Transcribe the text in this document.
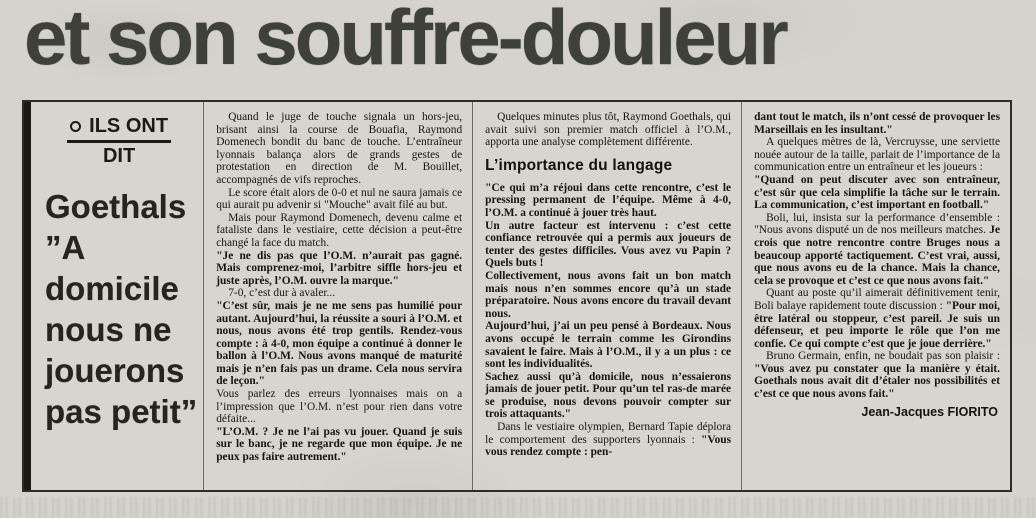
et son souffre-douleur
ILS ONT
DIT
Goethals
”A
domicile
nous ne
jouerons
pas petit”

Quand le juge de touche signala un hors-jeu, brisant ainsi la course de Bouafia, Raymond Domenech bondit du banc de touche. L’entraîneur lyonnais balança alors de grands gestes de protestation en direction de M. Bouillet, accompagnés de vifs reproches.

Le score était alors de 0-0 et nul ne saura jamais ce qui aurait pu advenir si "Mouche" avait filé au but.

Mais pour Raymond Domenech, devenu calme et fataliste dans le vestiaire, cette décision a peut-être changé la face du match.

"Je ne dis pas que l’O.M. n’aurait pas gagné. Mais comprenez-moi, l’arbitre siffle hors-jeu et juste après, l’O.M. ouvre la marque."

7-0, c’est dur à avaler...

"C’est sûr, mais je ne me sens pas humilié pour autant. Aujourd’hui, la réussite a souri à l’O.M. et nous, nous avons été trop gentils. Rendez-vous compte : à 4-0, mon équipe a continué à donner le ballon à l’O.M. Nous avons manqué de maturité mais je n’en fais pas un drame. Cela nous servira de leçon."

Vous parlez des erreurs lyonnaises mais on a l’impression que l’O.M. n’est pour rien dans votre défaite...

"L’O.M. ? Je ne l’ai pas vu jouer. Quand je suis sur le banc, je ne regarde que mon équipe. Je ne peux pas faire autrement."

Quelques minutes plus tôt, Raymond Goethals, qui avait suivi son premier match officiel à l’O.M., apporta une analyse complètement différente.

L’importance du langage

"Ce qui m’a réjoui dans cette rencontre, c’est le pressing permanent de l’équipe. Même à 4-0, l’O.M. a continué à jouer très haut.

Un autre facteur est intervenu : c’est cette confiance retrouvée qui a permis aux joueurs de tenter des gestes difficiles. Vous avez vu Papin ? Quels buts !

Collectivement, nous avons fait un bon match mais nous n’en sommes encore qu’à un stade préparatoire. Nous avons encore du travail devant nous.

Aujourd’hui, j’ai un peu pensé à Bordeaux. Nous avons occupé le terrain comme les Girondins savaient le faire. Mais à l’O.M., il y a un plus : ce sont les individualités.

Sachez aussi qu’à domicile, nous n’essaierons jamais de jouer petit. Pour qu’un tel ras-de marée se produise, nous devons pouvoir compter sur trois attaquants."

Dans le vestiaire olympien, Bernard Tapie déplora le comportement des supporters lyonnais : "Vous vous rendez compte : pen-

dant tout le match, ils n’ont cessé de provoquer les Marseillais en les insultant."

A quelques mètres de là, Vercruysse, une serviette nouée autour de la taille, parlait de l’importance de la communication entre un entraîneur et les joueurs :

"Quand on peut discuter avec son entraîneur, c’est sûr que cela simplifie la tâche sur le terrain. La communication, c’est important en football."

Boli, lui, insista sur la performance d’ensemble : "Nous avons disputé un de nos meilleurs matches. Je crois que notre rencontre contre Bruges nous a beaucoup apporté tactiquement. C’est vrai, aussi, que nous avons eu de la chance. Mais la chance, cela se provoque et c’est ce que nous avons fait."

Quant au poste qu’il aimerait définitivement tenir, Boli balaye rapidement toute discussion : "Pour moi, être latéral ou stoppeur, c’est pareil. Je suis un défenseur, et peu importe le rôle que l’on me confie. Ce qui compte c’est que je joue derrière."

Bruno Germain, enfin, ne boudait pas son plaisir : "Vous avez pu constater que la manière y était. Goethals nous avait dit d’étaler nos possibilités et c’est ce que nous avons fait."

Jean-Jacques FIORITO
